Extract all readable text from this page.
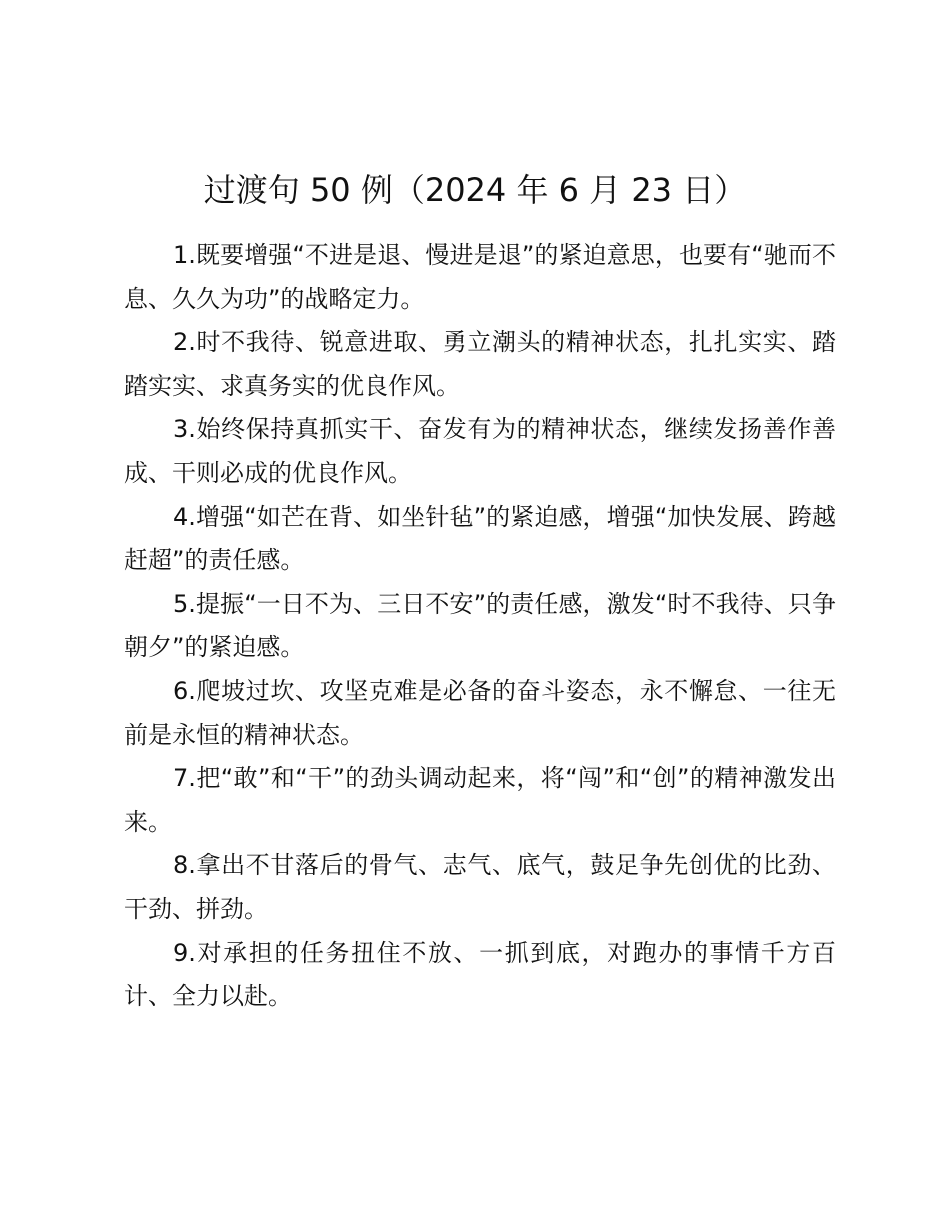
过渡句 50 例（2024 年 6 月 23 日）

1.既要增强“不进是退、慢进是退”的紧迫意思，也要有“驰而不息、久久为功”的战略定力。

2.时不我待、锐意进取、勇立潮头的精神状态，扎扎实实、踏踏实实、求真务实的优良作风。

3.始终保持真抓实干、奋发有为的精神状态，继续发扬善作善成、干则必成的优良作风。

4.增强“如芒在背、如坐针毡”的紧迫感，增强“加快发展、跨越赶超”的责任感。

5.提振“一日不为、三日不安”的责任感，激发“时不我待、只争朝夕”的紧迫感。

6.爬坡过坎、攻坚克难是必备的奋斗姿态，永不懈怠、一往无前是永恒的精神状态。

7.把“敢”和“干”的劲头调动起来，将“闯”和“创”的精神激发出来。

8.拿出不甘落后的骨气、志气、底气，鼓足争先创优的比劲、干劲、拼劲。

9.对承担的任务扭住不放、一抓到底，对跑办的事情千方百计、全力以赴。
